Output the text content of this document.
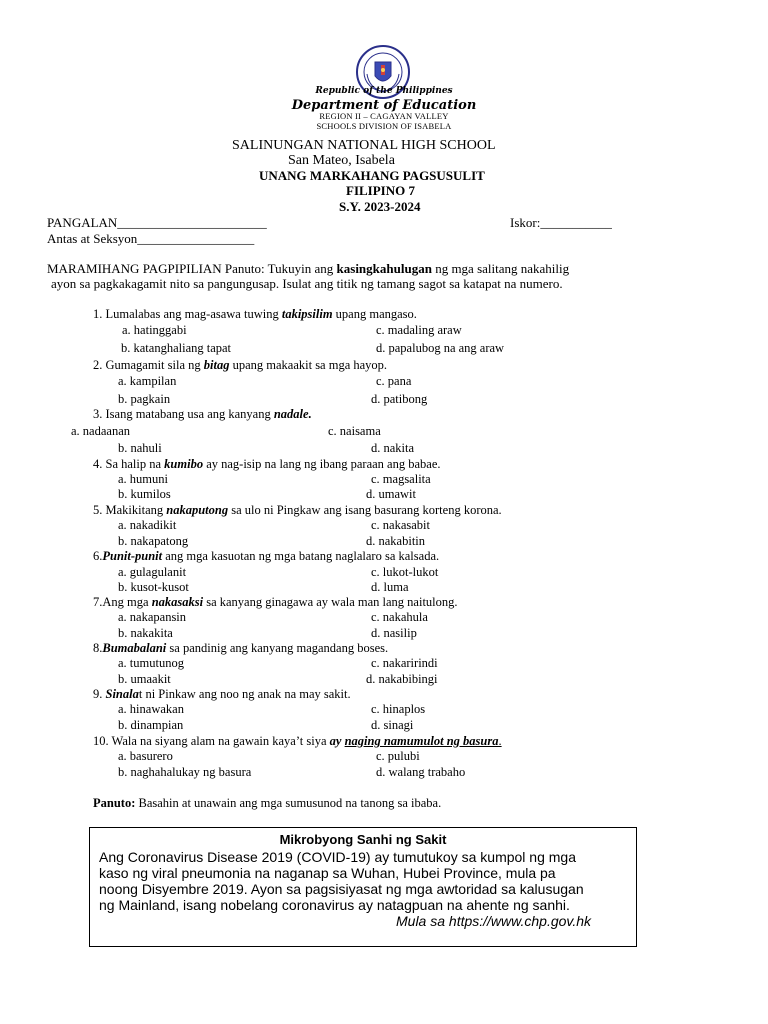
Republic of the Philippines
Department of Education
REGION II – CAGAYAN VALLEY
SCHOOLS DIVISION OF ISABELA
SALINUNGAN NATIONAL HIGH SCHOOL
San Mateo, Isabela
UNANG MARKAHANG PAGSUSULIT
FILIPINO 7
S.Y. 2023-2024
PANGALAN_______________________	Iskor:___________
Antas at Seksyon__________________
MARAMIHANG PAGPIPILIAN Panuto: Tukuyin ang kasingkahulugan ng mga salitang nakahilig
ayon sa pagkakagamit nito sa pangungusap. Isulat ang titik ng tamang sagot sa katapat na numero.
1. Lumalabas ang mag-asawa tuwing takipsilim upang mangaso.
a. hatinggabi	c. madaling araw
b. katanghaliang tapat	d. papalubog na ang araw
2. Gumagamit sila ng bitag upang makaakit sa mga hayop.
a. kampilan	c. pana
b. pagkain	d. patibong
3. Isang matabang usa ang kanyang nadale.
a. nadaanan	c. naisama
b. nahuli	d. nakita
4. Sa halip na kumibo ay nag-isip na lang ng ibang paraan ang babae.
a. humuni	c. magsalita
b. kumilos	d. umawit
5. Makikitang nakaputong sa ulo ni Pingkaw ang isang basurang korteng korona.
a. nakadikit	c. nakasabit
b. nakapatong	d. nakabitin
6.Punit-punit ang mga kasuotan ng mga batang naglalaro sa kalsada.
a. gulagulanit	c. lukot-lukot
b. kusot-kusot	d. luma
7.Ang mga nakasaksi sa kanyang ginagawa ay wala man lang naitulong.
a. nakapansin	c. nakahula
b. nakakita	d. nasilip
8.Bumabalani sa pandinig ang kanyang magandang boses.
a. tumutunog	c. nakaririndi
b. umaakit	d. nakabibingi
9. Sinalat ni Pinkaw ang noo ng anak na may sakit.
a. hinawakan	c. hinaplos
b. dinampian	d. sinagi
10. Wala na siyang alam na gawain kaya’t siya ay naging namumulot ng basura.
a. basurero	c. pulubi
b. naghahalukay ng basura	d. walang trabaho
Panuto: Basahin at unawain ang mga sumusunod na tanong sa ibaba.
Mikrobyong Sanhi ng Sakit
Ang Coronavirus Disease 2019 (COVID-19) ay tumutukoy sa kumpol ng mga
kaso ng viral pneumonia na naganap sa Wuhan, Hubei Province, mula pa
noong Disyembre 2019. Ayon sa pagsisiyasat ng mga awtoridad sa kalusugan
ng Mainland, isang nobelang coronavirus ay natagpuan na ahente ng sanhi.
Mula sa https://www.chp.gov.hk
